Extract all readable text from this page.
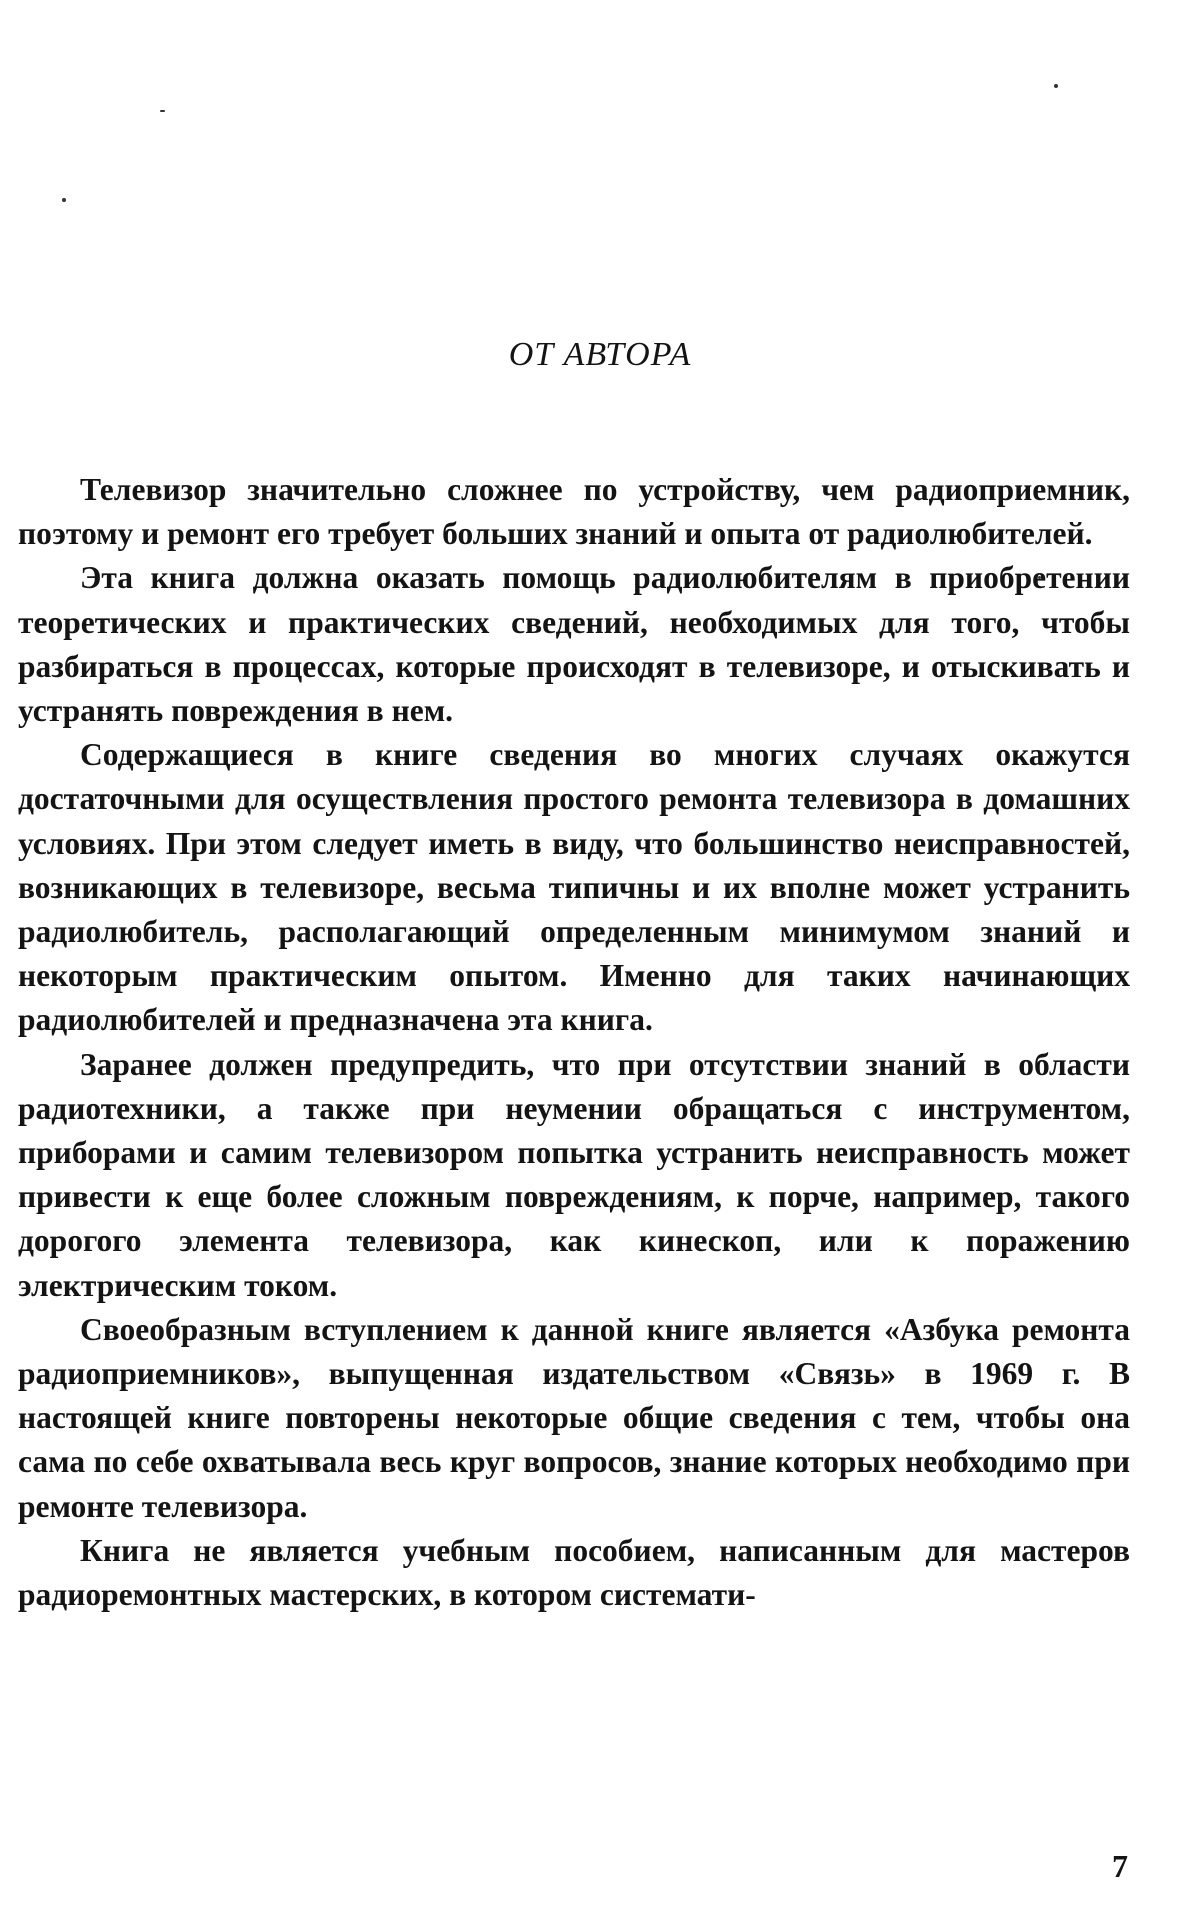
ОТ АВТОРА

Телевизор значительно сложнее по устройству, чем радиоприемник, поэтому и ремонт его требует больших знаний и опыта от радиолюбителей.

Эта книга должна оказать помощь радиолюбителям в приобретении теоретических и практических сведений, необходимых для того, чтобы разбираться в процессах, которые происходят в телевизоре, и отыскивать и устранять повреждения в нем.

Содержащиеся в книге сведения во многих случаях окажутся достаточными для осуществления простого ремонта телевизора в домашних условиях. При этом следует иметь в виду, что большинство неисправностей, возникающих в телевизоре, весьма типичны и их вполне может устранить радиолюбитель, располагающий определенным минимумом знаний и некоторым практическим опытом. Именно для таких начинающих радиолюбителей и предназначена эта книга.

Заранее должен предупредить, что при отсутствии знаний в области радиотехники, а также при неумении обращаться с инструментом, приборами и самим телевизором попытка устранить неисправность может привести к еще более сложным повреждениям, к порче, например, такого дорогого элемента телевизора, как кинескоп, или к поражению электрическим током.

Своеобразным вступлением к данной книге является «Азбука ремонта радиоприемников», выпущенная издательством «Связь» в 1969 г. В настоящей книге повторены некоторые общие сведения с тем, чтобы она сама по себе охватывала весь круг вопросов, знание которых необходимо при ремонте телевизора.

Книга не является учебным пособием, написанным для мастеров радиоремонтных мастерских, в котором системати-

7
